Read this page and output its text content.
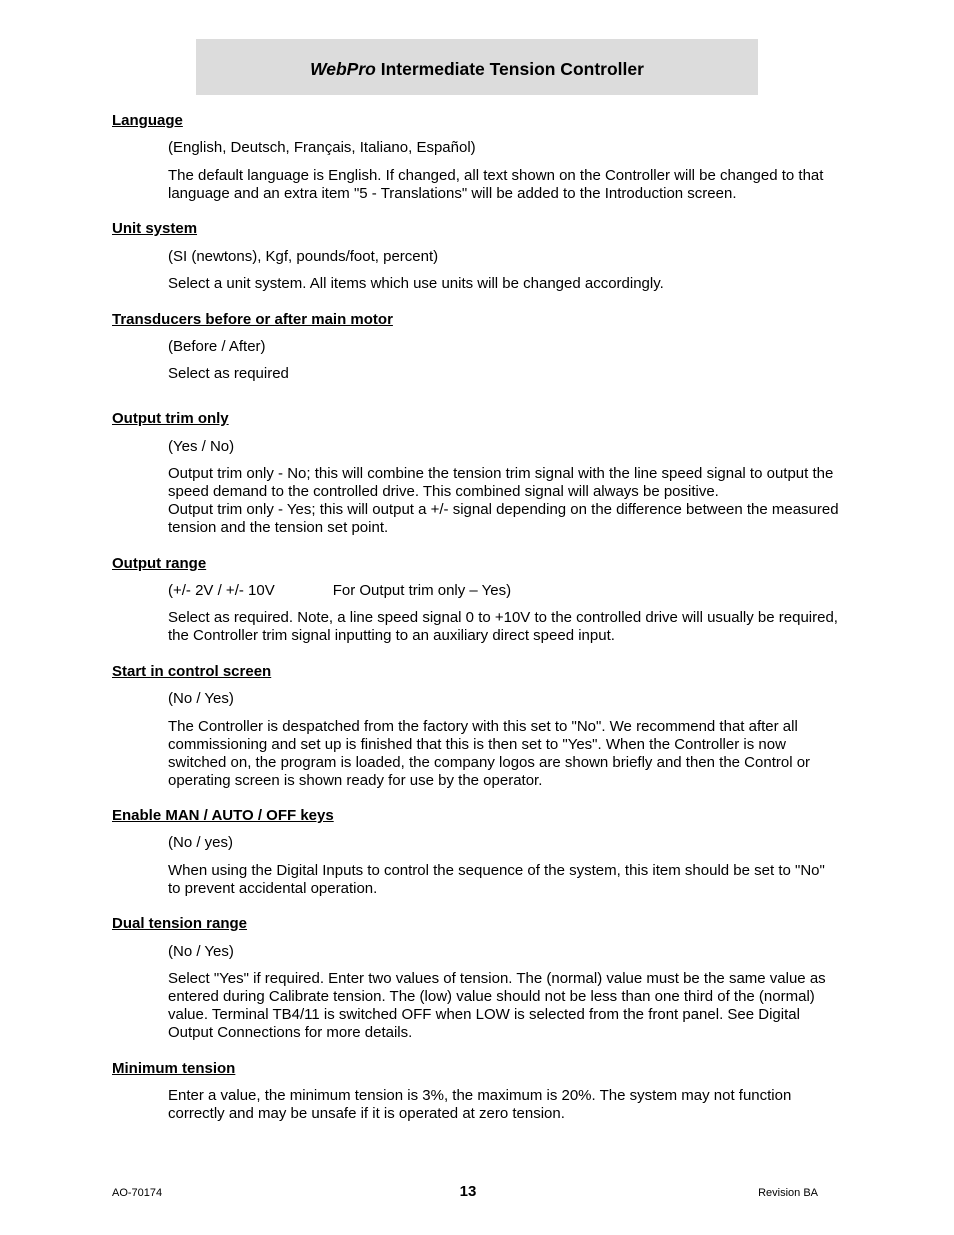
WebPro Intermediate Tension Controller
Language

(English, Deutsch, Français, Italiano, Español)

The default language is English. If changed, all text shown on the Controller will be changed to that language and an extra item "5 - Translations" will be added to the Introduction screen.

Unit system

(SI (newtons), Kgf, pounds/foot, percent)

Select a unit system. All items which use units will be changed accordingly.

Transducers before or after main motor

(Before / After)

Select as required

Output trim only

(Yes / No)

Output trim only - No; this will combine the tension trim signal with the line speed signal to output the speed demand to the controlled drive. This combined signal will always be positive.

Output trim only - Yes; this will output a +/- signal depending on the difference between the measured tension and the tension set point.

Output range
(+/- 2V / +/- 10V	For Output trim only – Yes)

Select as required. Note, a line speed signal 0 to +10V to the controlled drive will usually be required, the Controller trim signal inputting to an auxiliary direct speed input.

Start in control screen

(No / Yes)

The Controller is despatched from the factory with this set to "No". We recommend that after all commissioning and set up is finished that this is then set to "Yes". When the Controller is now switched on, the program is loaded, the company logos are shown briefly and then the Control or operating screen is shown ready for use by the operator.

Enable MAN / AUTO / OFF keys

(No / yes)

When using the Digital Inputs to control the sequence of the system, this item should be set to "No" to prevent accidental operation.

Dual tension range

(No / Yes)

Select "Yes" if required. Enter two values of tension. The (normal) value must be the same value as entered during Calibrate tension. The (low) value should not be less than one third of the (normal) value. Terminal TB4/11 is switched OFF when LOW is selected from the front panel. See Digital Output Connections for more details.

Minimum tension

Enter a value, the minimum tension is 3%, the maximum is 20%. The system may not function correctly and may be unsafe if it is operated at zero tension.

AO-70174	13	Revision BA
